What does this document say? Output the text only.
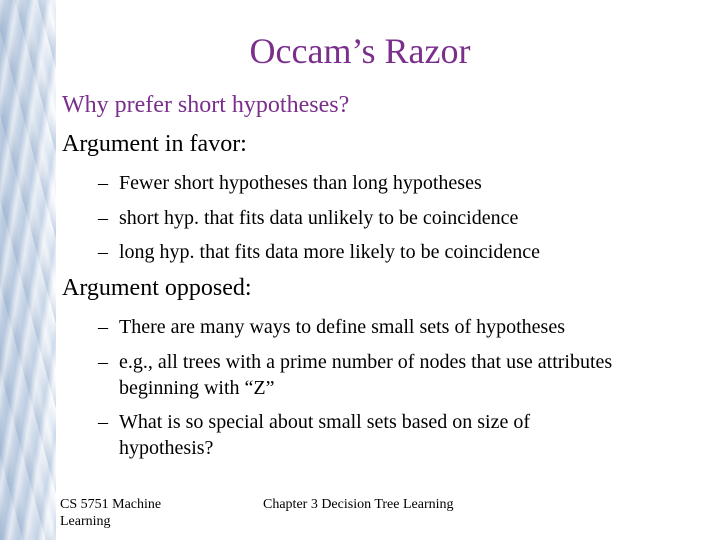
Occam’s Razor
Why prefer short hypotheses?
Argument in favor:
– Fewer short hypotheses than long hypotheses
– short hyp. that fits data unlikely to be coincidence
– long hyp. that fits data more likely to be coincidence
Argument opposed:
– There are many ways to define small sets of hypotheses
– e.g., all trees with a prime number of nodes that use attributes beginning with “Z”
– What is so special about small sets based on size of hypothesis?
CS 5751 Machine Learning
Chapter 3 Decision Tree Learning
